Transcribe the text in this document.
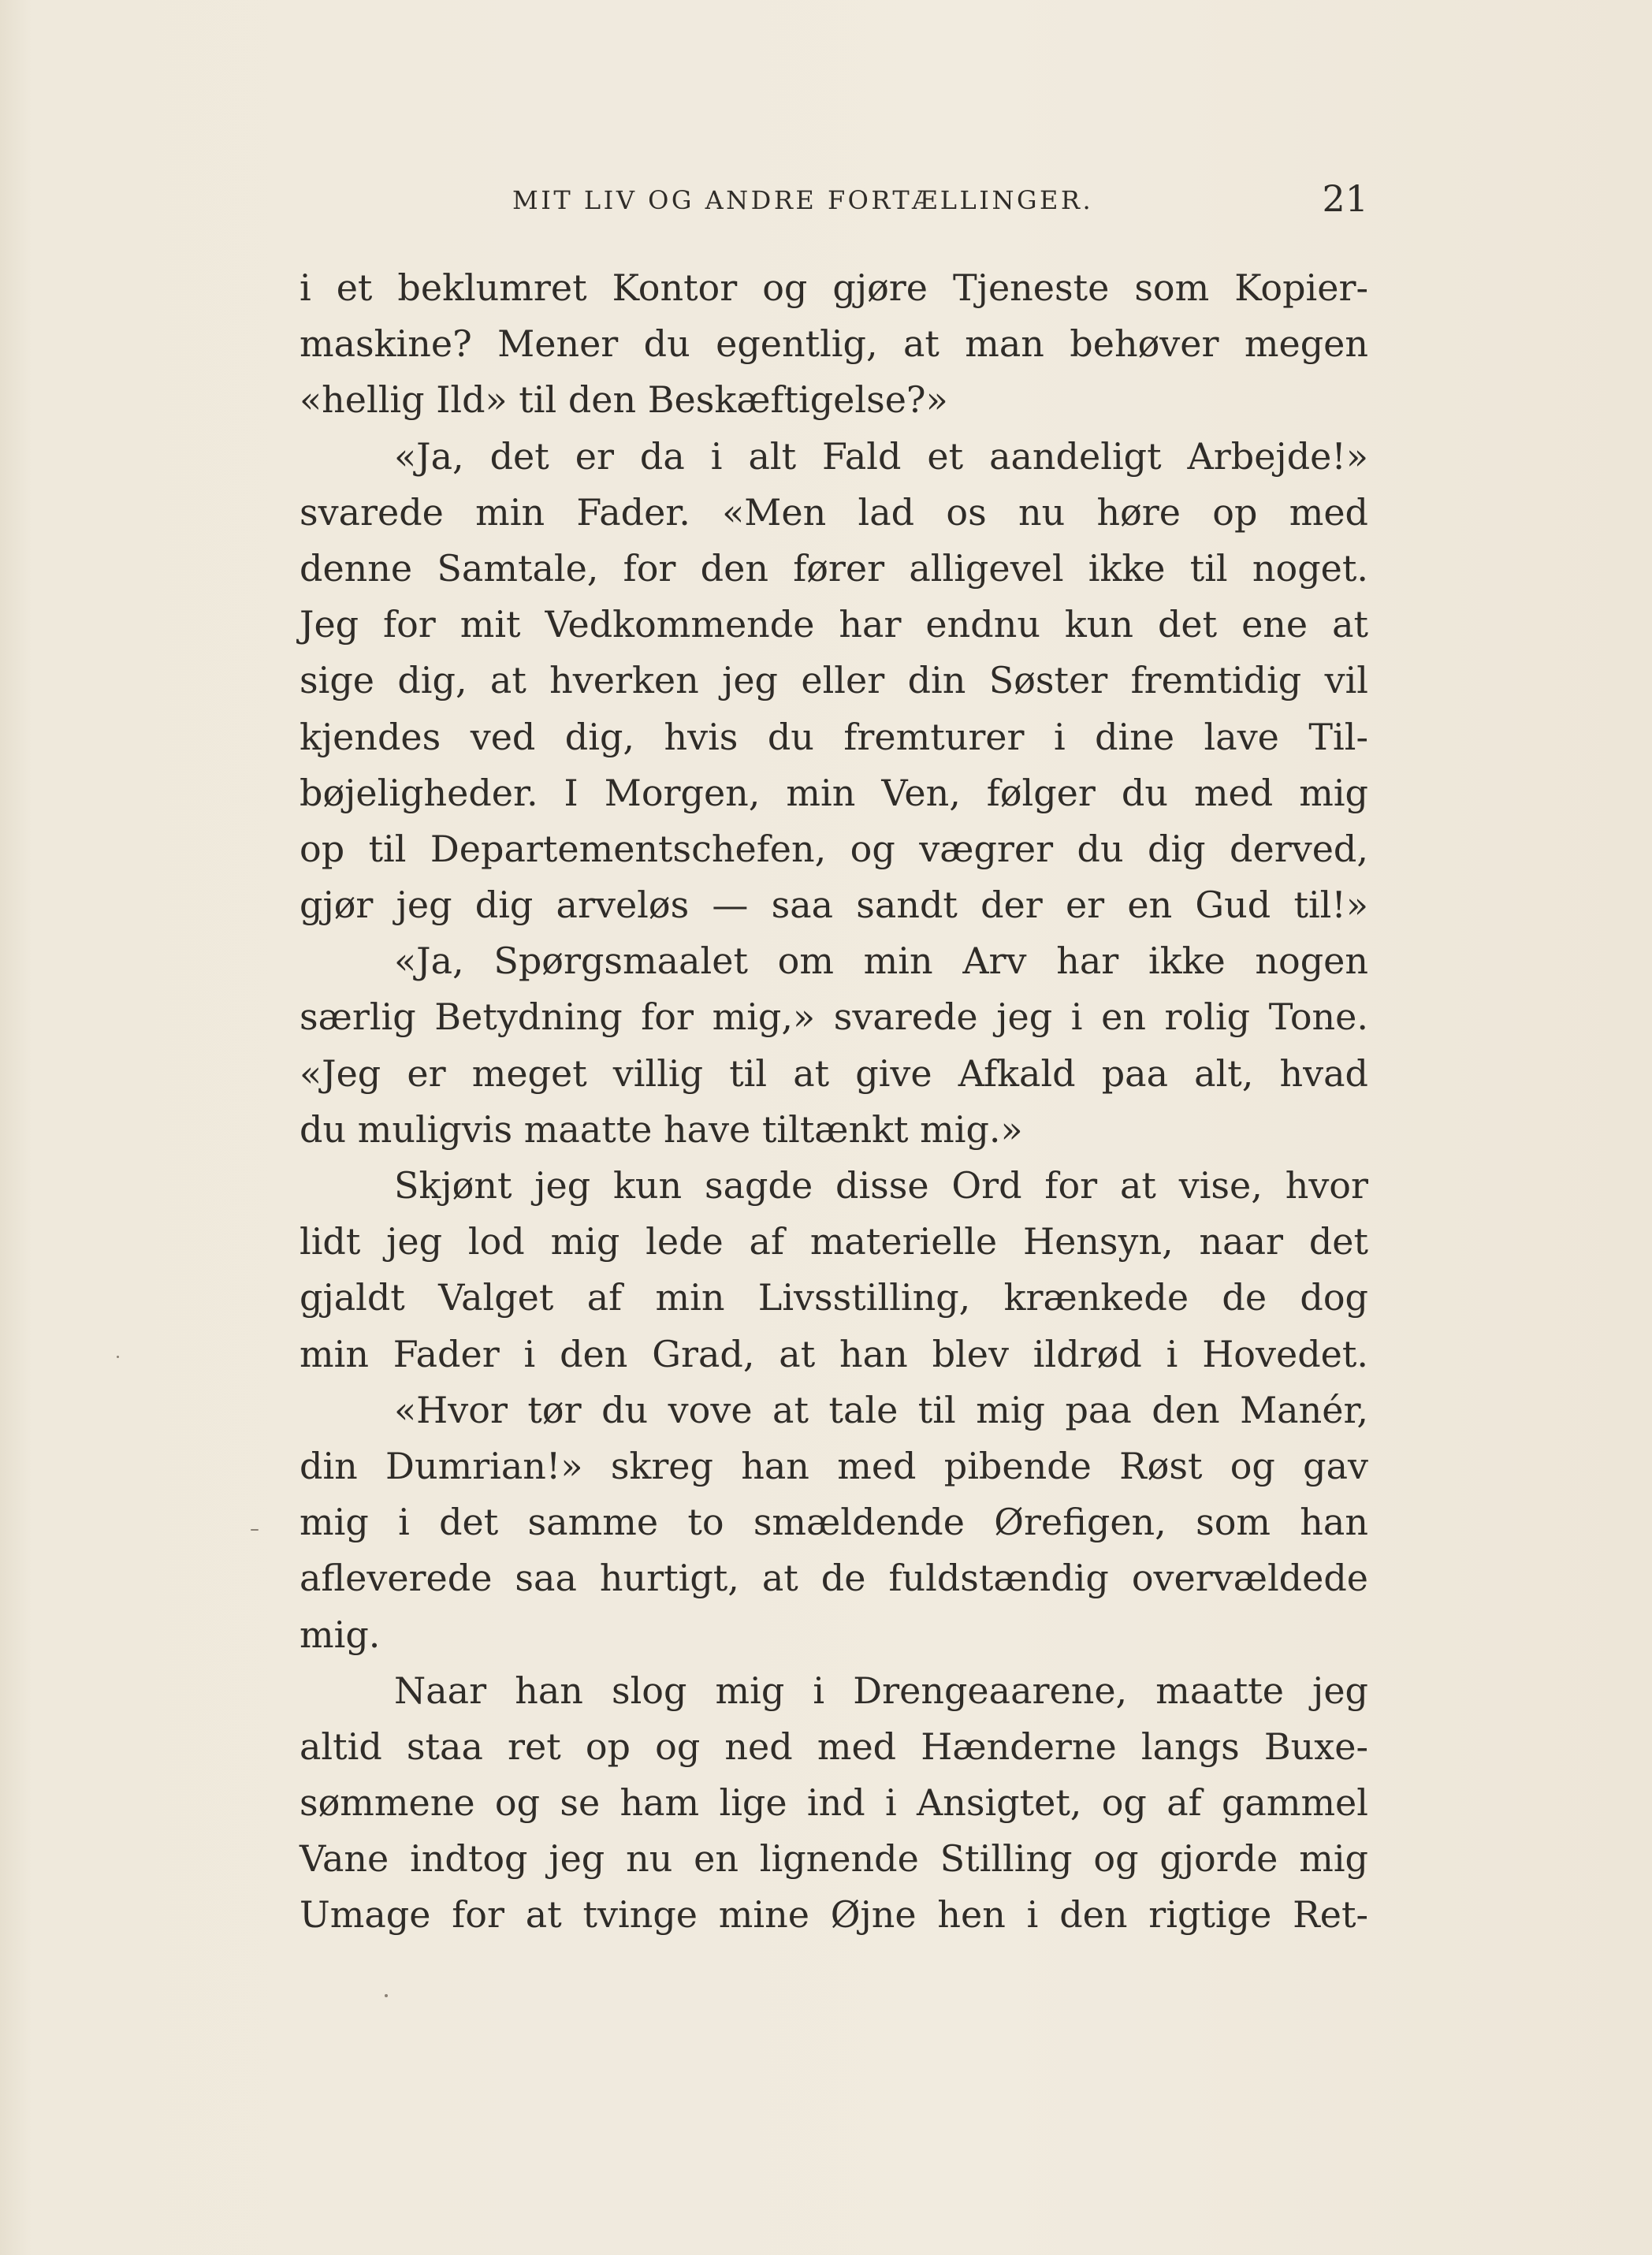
MIT LIV OG ANDRE FORTÆLLINGER.	21
i et beklumret Kontor og gjøre Tjeneste som Kopier-
maskine? Mener du egentlig, at man behøver megen
«hellig Ild» til den Beskæftigelse?»
«Ja, det er da i alt Fald et aandeligt Arbejde!»
svarede min Fader. «Men lad os nu høre op med
denne Samtale, for den fører alligevel ikke til noget.
Jeg for mit Vedkommende har endnu kun det ene at
sige dig, at hverken jeg eller din Søster fremtidig vil
kjendes ved dig, hvis du fremturer i dine lave Til-
bøjeligheder. I Morgen, min Ven, følger du med mig
op til Departementschefen, og vægrer du dig derved,
gjør jeg dig arveløs — saa sandt der er en Gud til!»
«Ja, Spørgsmaalet om min Arv har ikke nogen
særlig Betydning for mig,» svarede jeg i en rolig Tone.
«Jeg er meget villig til at give Afkald paa alt, hvad
du muligvis maatte have tiltænkt mig.»
Skjønt jeg kun sagde disse Ord for at vise, hvor
lidt jeg lod mig lede af materielle Hensyn, naar det
gjaldt Valget af min Livsstilling, krænkede de dog
min Fader i den Grad, at han blev ildrød i Hovedet.
«Hvor tør du vove at tale til mig paa den Manér,
din Dumrian!» skreg han med pibende Røst og gav
mig i det samme to smældende Ørefigen, som han
afleverede saa hurtigt, at de fuldstændig overvældede
mig.
Naar han slog mig i Drengeaarene, maatte jeg
altid staa ret op og ned med Hænderne langs Buxe-
sømmene og se ham lige ind i Ansigtet, og af gammel
Vane indtog jeg nu en lignende Stilling og gjorde mig
Umage for at tvinge mine Øjne hen i den rigtige Ret-
